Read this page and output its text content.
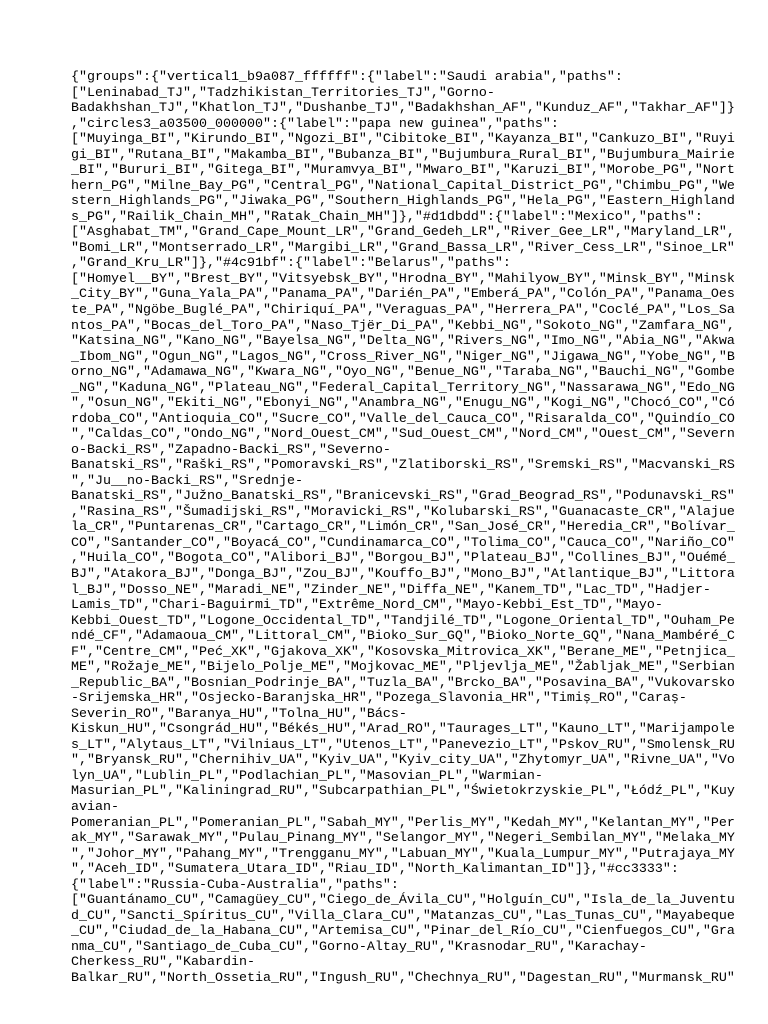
{"groups":{"vertical1_b9a087_ffffff":{"label":"Saudi arabia","paths":
["Leninabad_TJ","Tadzhikistan_Territories_TJ","Gorno-
Badakhshan_TJ","Khatlon_TJ","Dushanbe_TJ","Badakhshan_AF","Kunduz_AF","Takhar_AF"]}
,"circles3_a03500_000000":{"label":"papa new guinea","paths":
["Muyinga_BI","Kirundo_BI","Ngozi_BI","Cibitoke_BI","Kayanza_BI","Cankuzo_BI","Ruyi
gi_BI","Rutana_BI","Makamba_BI","Bubanza_BI","Bujumbura_Rural_BI","Bujumbura_Mairie
_BI","Bururi_BI","Gitega_BI","Muramvya_BI","Mwaro_BI","Karuzi_BI","Morobe_PG","Nort
hern_PG","Milne_Bay_PG","Central_PG","National_Capital_District_PG","Chimbu_PG","We
stern_Highlands_PG","Jiwaka_PG","Southern_Highlands_PG","Hela_PG","Eastern_Highland
s_PG","Railik_Chain_MH","Ratak_Chain_MH"]},"#d1dbdd":{"label":"Mexico","paths":
["Asghabat_TM","Grand_Cape_Mount_LR","Grand_Gedeh_LR","River_Gee_LR","Maryland_LR",
"Bomi_LR","Montserrado_LR","Margibi_LR","Grand_Bassa_LR","River_Cess_LR","Sinoe_LR"
,"Grand_Kru_LR"]},"#4c91bf":{"label":"Belarus","paths":
["Homyel__BY","Brest_BY","Vitsyebsk_BY","Hrodna_BY","Mahilyow_BY","Minsk_BY","Minsk
_City_BY","Guna_Yala_PA","Panama_PA","Darién_PA","Emberá_PA","Colón_PA","Panama_Oes
te_PA","Ngöbe_Buglé_PA","Chiriquí_PA","Veraguas_PA","Herrera_PA","Coclé_PA","Los_Sa
ntos_PA","Bocas_del_Toro_PA","Naso_Tjër_Di_PA","Kebbi_NG","Sokoto_NG","Zamfara_NG",
"Katsina_NG","Kano_NG","Bayelsa_NG","Delta_NG","Rivers_NG","Imo_NG","Abia_NG","Akwa
_Ibom_NG","Ogun_NG","Lagos_NG","Cross_River_NG","Niger_NG","Jigawa_NG","Yobe_NG","B
orno_NG","Adamawa_NG","Kwara_NG","Oyo_NG","Benue_NG","Taraba_NG","Bauchi_NG","Gombe
_NG","Kaduna_NG","Plateau_NG","Federal_Capital_Territory_NG","Nassarawa_NG","Edo_NG
","Osun_NG","Ekiti_NG","Ebonyi_NG","Anambra_NG","Enugu_NG","Kogi_NG","Chocó_CO","Có
rdoba_CO","Antioquia_CO","Sucre_CO","Valle_del_Cauca_CO","Risaralda_CO","Quindío_CO
","Caldas_CO","Ondo_NG","Nord_Ouest_CM","Sud_Ouest_CM","Nord_CM","Ouest_CM","Severn
o-Backi_RS","Zapadno-Backi_RS","Severno-
Banatski_RS","Raški_RS","Pomoravski_RS","Zlatiborski_RS","Sremski_RS","Macvanski_RS
","Ju__no-Backi_RS","Srednje-
Banatski_RS","Južno_Banatski_RS","Branicevski_RS","Grad_Beograd_RS","Podunavski_RS"
,"Rasina_RS","Šumadijski_RS","Moravicki_RS","Kolubarski_RS","Guanacaste_CR","Alajue
la_CR","Puntarenas_CR","Cartago_CR","Limón_CR","San_José_CR","Heredia_CR","Bolívar_
CO","Santander_CO","Boyacá_CO","Cundinamarca_CO","Tolima_CO","Cauca_CO","Nariño_CO"
,"Huila_CO","Bogota_CO","Alibori_BJ","Borgou_BJ","Plateau_BJ","Collines_BJ","Ouémé_
BJ","Atakora_BJ","Donga_BJ","Zou_BJ","Kouffo_BJ","Mono_BJ","Atlantique_BJ","Littora
l_BJ","Dosso_NE","Maradi_NE","Zinder_NE","Diffa_NE","Kanem_TD","Lac_TD","Hadjer-
Lamis_TD","Chari-Baguirmi_TD","Extrême_Nord_CM","Mayo-Kebbi_Est_TD","Mayo-
Kebbi_Ouest_TD","Logone_Occidental_TD","Tandjilé_TD","Logone_Oriental_TD","Ouham_Pe
ndé_CF","Adamaoua_CM","Littoral_CM","Bioko_Sur_GQ","Bioko_Norte_GQ","Nana_Mambéré_C
F","Centre_CM","Peć_XK","Gjakova_XK","Kosovska_Mitrovica_XK","Berane_ME","Petnjica_
ME","Rožaje_ME","Bijelo_Polje_ME","Mojkovac_ME","Pljevlja_ME","Žabljak_ME","Serbian
_Republic_BA","Bosnian_Podrinje_BA","Tuzla_BA","Brcko_BA","Posavina_BA","Vukovarsko
-Srijemska_HR","Osjecko-Baranjska_HR","Pozega_Slavonia_HR","Timiș_RO","Caraș-
Severin_RO","Baranya_HU","Tolna_HU","Bács-
Kiskun_HU","Csongrád_HU","Békés_HU","Arad_RO","Taurages_LT","Kauno_LT","Marijampole
s_LT","Alytaus_LT","Vilniaus_LT","Utenos_LT","Panevezio_LT","Pskov_RU","Smolensk_RU
","Bryansk_RU","Chernihiv_UA","Kyiv_UA","Kyiv_city_UA","Zhytomyr_UA","Rivne_UA","Vo
lyn_UA","Lublin_PL","Podlachian_PL","Masovian_PL","Warmian-
Masurian_PL","Kaliningrad_RU","Subcarpathian_PL","Świetokrzyskie_PL","Łódź_PL","Kuy
avian-
Pomeranian_PL","Pomeranian_PL","Sabah_MY","Perlis_MY","Kedah_MY","Kelantan_MY","Per
ak_MY","Sarawak_MY","Pulau_Pinang_MY","Selangor_MY","Negeri_Sembilan_MY","Melaka_MY
","Johor_MY","Pahang_MY","Trengganu_MY","Labuan_MY","Kuala_Lumpur_MY","Putrajaya_MY
","Aceh_ID","Sumatera_Utara_ID","Riau_ID","North_Kalimantan_ID"]},"#cc3333":
{"label":"Russia-Cuba-Australia","paths":
["Guantánamo_CU","Camagüey_CU","Ciego_de_Ávila_CU","Holguín_CU","Isla_de_la_Juventu
d_CU","Sancti_Spíritus_CU","Villa_Clara_CU","Matanzas_CU","Las_Tunas_CU","Mayabeque
_CU","Ciudad_de_la_Habana_CU","Artemisa_CU","Pinar_del_Río_CU","Cienfuegos_CU","Gra
nma_CU","Santiago_de_Cuba_CU","Gorno-Altay_RU","Krasnodar_RU","Karachay-
Cherkess_RU","Kabardin-
Balkar_RU","North_Ossetia_RU","Ingush_RU","Chechnya_RU","Dagestan_RU","Murmansk_RU"
